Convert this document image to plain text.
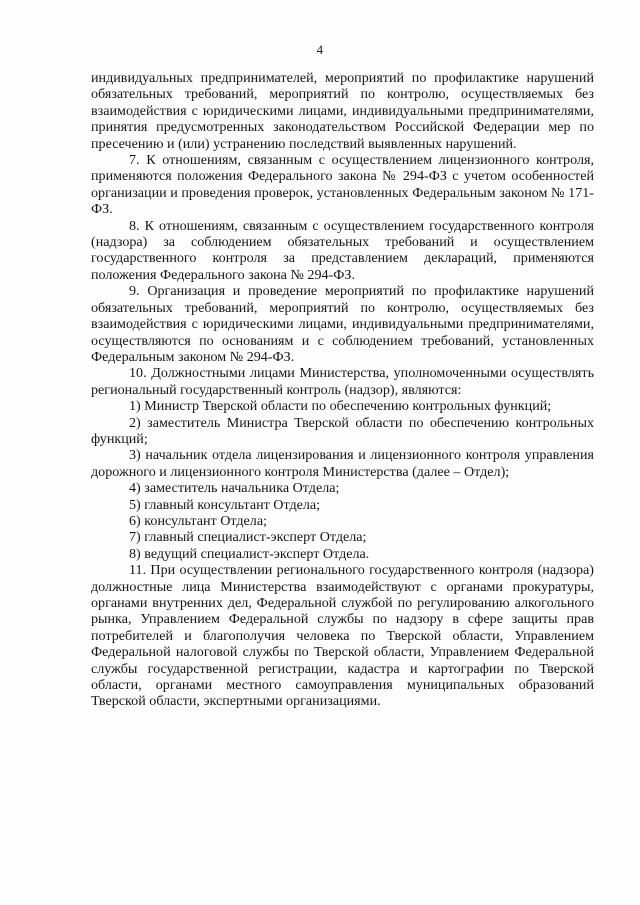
4

индивидуальных предпринимателей, мероприятий по профилактике нарушений обязательных требований, мероприятий по контролю, осуществляемых без взаимодействия с юридическими лицами, индивидуальными предпринимателями, принятия предусмотренных законодательством Российской Федерации мер по пресечению и (или) устранению последствий выявленных нарушений.

7. К отношениям, связанным с осуществлением лицензионного контроля, применяются положения Федерального закона № 294-ФЗ с учетом особенностей организации и проведения проверок, установленных Федеральным законом № 171-ФЗ.

8. К отношениям, связанным с осуществлением государственного контроля (надзора) за соблюдением обязательных требований и осуществлением государственного контроля за представлением деклараций, применяются положения Федерального закона № 294-ФЗ.

9. Организация и проведение мероприятий по профилактике нарушений обязательных требований, мероприятий по контролю, осуществляемых без взаимодействия с юридическими лицами, индивидуальными предпринимателями, осуществляются по основаниям и с соблюдением требований, установленных Федеральным законом № 294-ФЗ.

10. Должностными лицами Министерства, уполномоченными осуществлять региональный государственный контроль (надзор), являются:

1) Министр Тверской области по обеспечению контрольных функций;

2) заместитель Министра Тверской области по обеспечению контрольных функций;

3) начальник отдела лицензирования и лицензионного контроля управления дорожного и лицензионного контроля Министерства (далее – Отдел);

4) заместитель начальника Отдела;

5) главный консультант Отдела;

6) консультант Отдела;

7) главный специалист-эксперт Отдела;

8) ведущий специалист-эксперт Отдела.

11. При осуществлении регионального государственного контроля (надзора) должностные лица Министерства взаимодействуют с органами прокуратуры, органами внутренних дел, Федеральной службой по регулированию алкогольного рынка, Управлением Федеральной службы по надзору в сфере защиты прав потребителей и благополучия человека по Тверской области, Управлением Федеральной налоговой службы по Тверской области, Управлением Федеральной службы государственной регистрации, кадастра и картографии по Тверской области, органами местного самоуправления муниципальных образований Тверской области, экспертными организациями.
